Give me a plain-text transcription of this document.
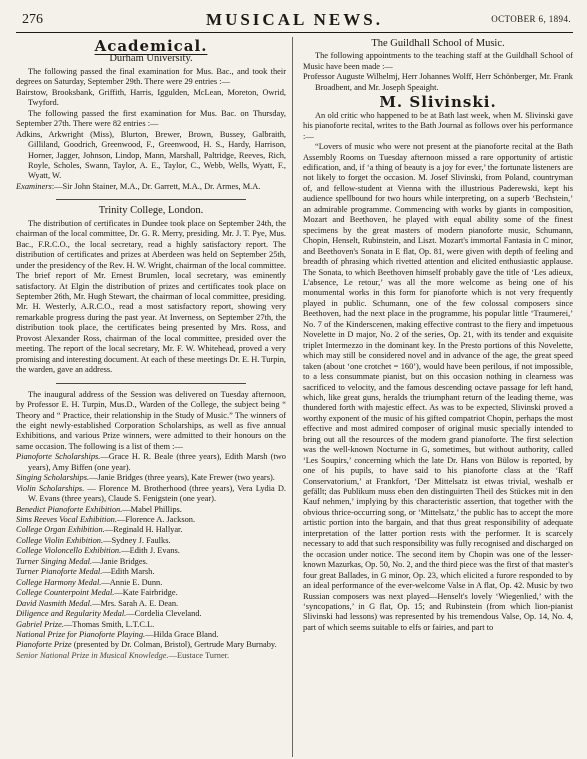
276	MUSICAL NEWS.	OCTOBER 6, 1894.
Academical.
Durham University.

The following passed the final examination for Mus. Bac., and took their degrees on Saturday, September 29th. There were 29 entries :—

Bairstow, Brooksbank, Griffith, Harris, Iggulden, McLean, Moreton, Owrid, Twyford.

The following passed the first examination for Mus. Bac. on Thursday, September 27th. There were 82 entries :—

Adkins, Arkwright (Miss), Blurton, Brewer, Brown, Bussey, Galbraith, Gilliland, Goodrich, Greenwood, F., Greenwood, H. S., Hardy, Harrison, Horner, Jagger, Johnson, Lindop, Mann, Marshall, Paltridge, Reeves, Rich, Royle, Scholes, Swann, Taylor, A. E., Taylor, C., Webb, Wells, Wyatt, F., Wyatt, W.

Examiners:—Sir John Stainer, M.A., Dr. Garrett, M.A., Dr. Armes, M.A.

Trinity College, London.

The distribution of certificates in Dundee took place on September 24th, the chairman of the local committee, Dr. G. R. Merry, presiding. Mr. J. T. Pye, Mus. Bac., F.R.C.O., the local secretary, read a highly satisfactory report. The distribution of certificates and prizes at Aberdeen was held on September 25th, under the presidency of the Rev. H. W. Wright, chairman of the local committee. The brief report of Mr. Ernest Brumlen, local secretary, was eminently satisfactory. At Elgin the distribution of prizes and certificates took place on September 26th, Mr. Hugh Stewart, the chairman of local committee, presiding. Mr. H. Westerly, A.R.C.O., read a most satisfactory report, showing very remarkable progress during the past year. At Inverness, on September 27th, the distribution took place, the certificates being presented by Mrs. Ross, and Provost Alexander Ross, chairman of the local committee, presided over the meeting. The report of the local secretary, Mr. F. W. Whitehead, proved a very promising and interesting document. At each of these meetings Dr. E. H. Turpin, the warden, gave an address.

The inaugural address of the Session was delivered on Tuesday afternoon, by Professor E. H. Turpin, Mus.D., Warden of the College, the subject being “ Theory and “ Practice, their relationship in the Study of Music.” The winners of the eight newly-established Corporation Scholarships, as well as five annual Exhibitions, and various Prize winners, were admitted to their honours on the same occasion. The following is a list of them :—

Pianoforte Scholarships.—Grace H. R. Beale (three years), Edith Marsh (two years), Amy Biffen (one year).

Singing Scholarships.—Janie Bridges (three years), Kate Frewer (two years).

Violin Scholarships. — Florence M. Brotherhood (three years), Vera Lydia D. W. Evans (three years), Claude S. Fenigstein (one year).

Benedict Pianoforte Exhibition.—Mabel Phillips.

Sims Reeves Vocal Exhibition.—Florence A. Jackson.

College Organ Exhibition.—Reginald H. Hallyar.

College Violin Exhibition.—Sydney J. Faulks.

College Violoncello Exhibition.—Edith J. Evans.

Turner Singing Medal.—Janie Bridges.

Turner Pianoforte Medal.—Edith Marsh.

College Harmony Medal.—Annie E. Dunn.

College Counterpoint Medal.—Kate Fairbridge.

David Nasmith Medal.—Mrs. Sarah A. E. Dean.

Diligence and Regularity Medal.—Cordelia Cleveland.

Gabriel Prize.—Thomas Smith, L.T.C.L.

National Prize for Pianoforte Playing.—Hilda Grace Bland.

Pianoforte Prize (presented by Dr. Colman, Bristol), Gertrude Mary Burnaby.

Senior National Prize in Musical Knowledge.—Eustace Turner.

The Guildhall School of Music.

The following appointments to the teaching staff at the Guildhall School of Music have been made :—

Professor Auguste Wilhelmj, Herr Johannes Wolff, Herr Schönberger, Mr. Frank Broadbent, and Mr. Joseph Speaight.

M. Slivinski.

An old critic who happened to be at Bath last week, when M. Slivinski gave his pianoforte recital, writes to the Bath Journal as follows over his performance :—

“Lovers of music who were not present at the pianoforte recital at the Bath Assembly Rooms on Tuesday afternoon missed a rare opportunity of artistic edification, and, if ‘a thing of beauty is a joy for ever,’ the fortunate listeners are not likely to forget the occasion. M. Josef Slivinski, from Poland, countryman of, and fellow-student at Vienna with the illustrious Paderewski, kept his audience spellbound for two hours while interpreting, on a superb ‘Bechstein,’ an admirable programme. Commencing with works by giants in composition, Mozart and Beethoven, he played with equal ability some of the finest specimens by the great masters of modern pianoforte music, Schumann, Chopin, Henselt, Rubinstein, and Liszt. Mozart's immortal Fantasia in C minor, and Beethoven's Sonata in E flat, Op. 81, were given with depth of feeling and breadth of phrasing which rivetted attention and elicited enthusiastic applause. The Sonata, to which Beethoven himself probably gave the title of ‘Les adieux, L'absence, Le retour,’ was all the more welcome as being one of his monumental works in this form for pianoforte which is not very frequently played in public. Schumann, one of the few colossal composers since Beethoven, had the next place in the programme, his popular little ‘Traumerei,’ No. 7 of the Kinderscenen, making effective contrast to the fiery and impetuous Novelette in D major, No. 2 of the series, Op. 21, with its tender and exquisite triplet Intermezzo in the dominant key. In the Presto portions of this Novelette, which may still be considered novel and in advance of the age, the great speed taken (about ‘one crotchet = 160’), would have been perilous, if not impossible, to a less consummate pianist, but on this occasion nothing in clearness was sacrificed to velocity, and the famous descending octave passage for left hand, which, like great guns, heralds the triumphant return of the leading theme, was thundered forth with majestic effect. As was to be expected, Slivinski proved a worthy exponent of the music of his gifted compatriot Chopin, perhaps the most effective and most admired composer of original music specially intended to bring out all the resources of the modern grand pianoforte. The first selection was the well-known Nocturne in G, sometimes, but without authority, called ‘Les Soupirs,’ concerning which the late Dr. Hans von Bülow is reported, by one of his pupils, to have said to his pianoforte class at the ‘Raff Conservatorium,’ at Frankfort, ‘Der Mittelsatz ist etwas trivial, weshalb er gefällt; das Publikum muss eben den distinguirten Theil des Stückes mit in den Kauf nehmen,’ implying by this characteristic assertion, that together with the obvious thrice-occurring song, or ‘Mittelsatz,’ the public has to accept the more artistic portion into the bargain, and that thus great responsibility of adequate interpretation of the latter portion rests with the performer. It is scarcely necessary to add that such responsibility was fully recognised and discharged on the occasion under notice. The second item by Chopin was one of the lesser-known Mazurkas, Op. 50, No. 2, and the third piece was the first of that master's four great Ballades, in G minor, Op. 23, which elicited a furore responded to by an ideal performance of the ever-welcome Valse in A flat, Op. 42. Music by two Russian composers was next played—Henselt's lovely ‘Wiegenlied,’ with the ‘syncopations,’ in G flat, Op. 15; and Rubinstein (from which lion-pianist Slivinski had lessons) was represented by his tremendous Valse, Op. 14, No. 4, part of which seems suitable to elfs or fairies, and part to
